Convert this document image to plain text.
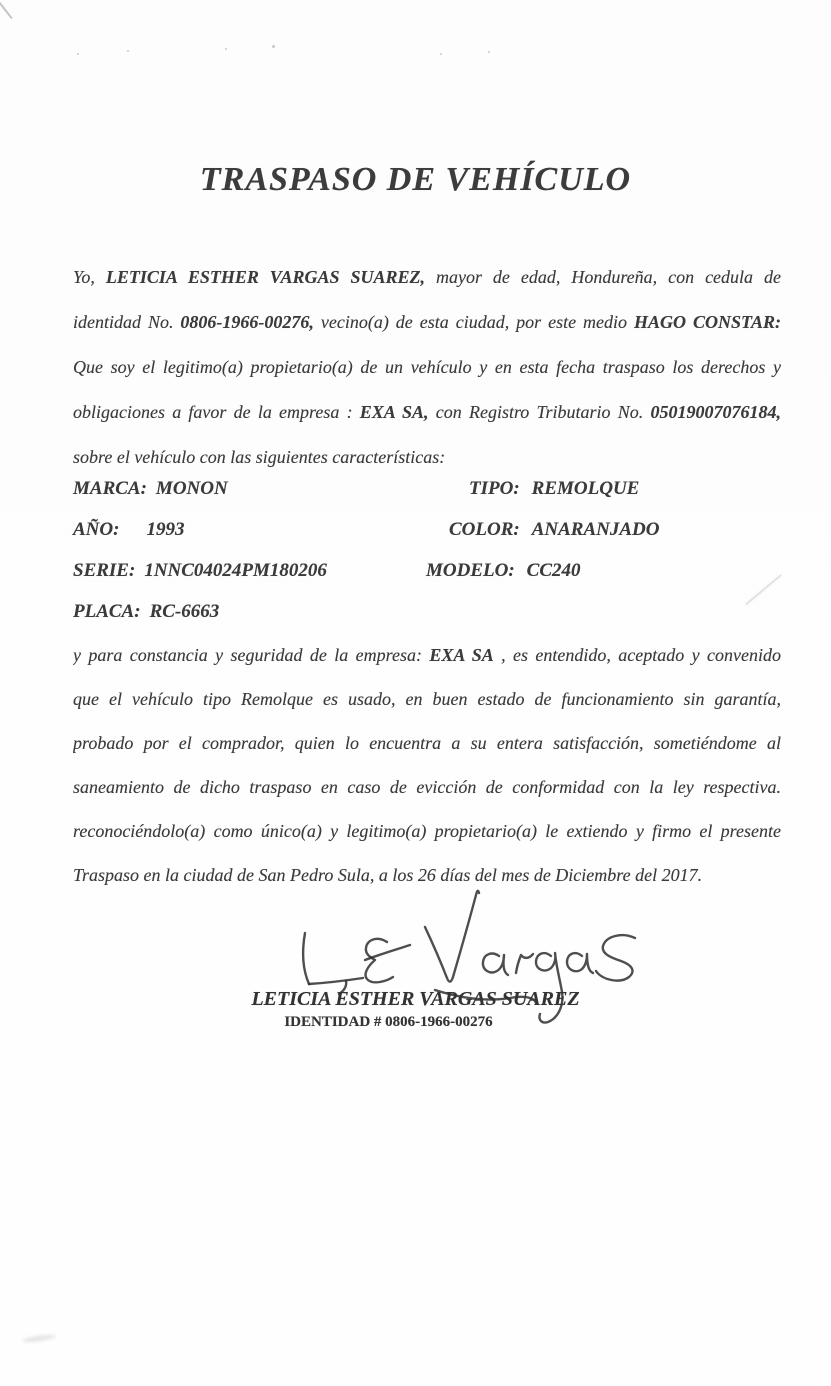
TRASPASO DE VEHÍCULO
Yo, LETICIA ESTHER VARGAS SUAREZ, mayor de edad, Hondureña, con cedula de
identidad No. 0806-1966-00276, vecino(a) de esta ciudad, por este medio HAGO CONSTAR:
Que soy el legitimo(a) propietario(a) de un vehículo y en esta fecha traspaso los derechos y
obligaciones a favor de la empresa : EXA SA, con Registro Tributario No. 05019007076184,
sobre el vehículo con las siguientes características:
MARCA: MONON	TIPO: REMOLQUE
AÑO: 1993	COLOR: ANARANJADO
SERIE: 1NNC04024PM180206	MODELO: CC240
PLACA: RC-6663
y para constancia y seguridad de la empresa: EXA SA , es entendido, aceptado y convenido
que el vehículo tipo Remolque es usado, en buen estado de funcionamiento sin garantía,
probado por el comprador, quien lo encuentra a su entera satisfacción, sometiéndome al
saneamiento de dicho traspaso en caso de evicción de conformidad con la ley respectiva.
reconociéndolo(a) como único(a) y legitimo(a) propietario(a) le extiendo y firmo el presente
Traspaso en la ciudad de San Pedro Sula, a los 26 días del mes de Diciembre del 2017.
LETICIA ESTHER VARGAS SUAREZ
IDENTIDAD # 0806-1966-00276
